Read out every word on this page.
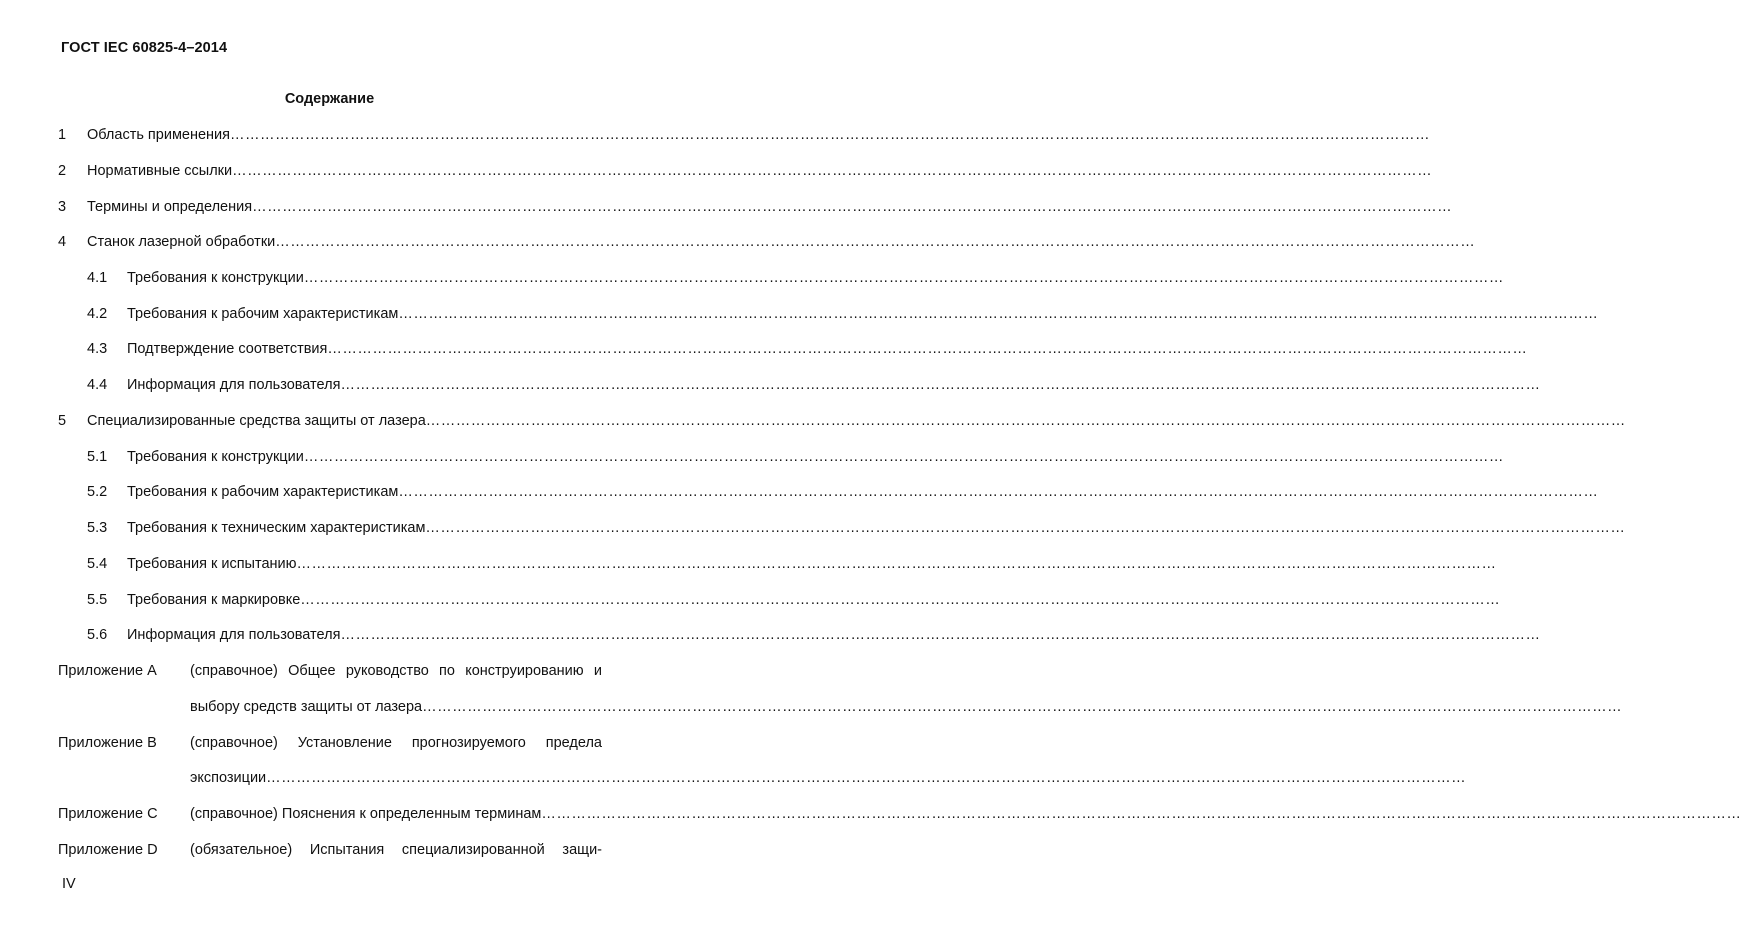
ГОСТ IEC 60825-4–2014
Содержание
1 Область применения ……………………………………………………………………………………………………………………………………………………………………………………………………………………
2 Нормативные ссылки ……………………………………………………………………………………………………………………………………………………………………………………………………………………
3 Термины и определения ……………………………………………………………………………………………………………………………………………………………………………………………………………………
4 Станок лазерной обработки ……………………………………………………………………………………………………………………………………………………………………………………………………………………
4.1 Требования к конструкции ……………………………………………………………………………………………………………………………………………………………………………………………………………………
4.2 Требования к рабочим характеристикам ……………………………………………………………………………………………………………………………………………………………………………………………………………………
4.3 Подтверждение соответствия ……………………………………………………………………………………………………………………………………………………………………………………………………………………
4.4 Информация для пользователя ……………………………………………………………………………………………………………………………………………………………………………………………………………………
5 Специализированные средства защиты от лазера ……………………………………………………………………………………………………………………………………………………………………………………………………………………
5.1 Требования к конструкции ……………………………………………………………………………………………………………………………………………………………………………………………………………………
5.2 Требования к рабочим характеристикам ……………………………………………………………………………………………………………………………………………………………………………………………………………………
5.3 Требования к техническим характеристикам ……………………………………………………………………………………………………………………………………………………………………………………………………………………
5.4 Требования к испытанию ……………………………………………………………………………………………………………………………………………………………………………………………………………………
5.5 Требования к маркировке ……………………………………………………………………………………………………………………………………………………………………………………………………………………
5.6 Информация для пользователя ……………………………………………………………………………………………………………………………………………………………………………………………………………………
Приложение А (справочное) Общее руководство по конструированию и
выбору средств защиты от лазера ……………………………………………………………………………………………………………………………………………………………………………………………………………………
Приложение В (справочное) Установление прогнозируемого предела
экспозиции ……………………………………………………………………………………………………………………………………………………………………………………………………………………
Приложение С (справочное) Пояснения к определенным терминам ……………………………………………………………………………………………………………………………………………………………………………………………………………………
Приложение D (обязательное) Испытания специализированной защи-
IV
